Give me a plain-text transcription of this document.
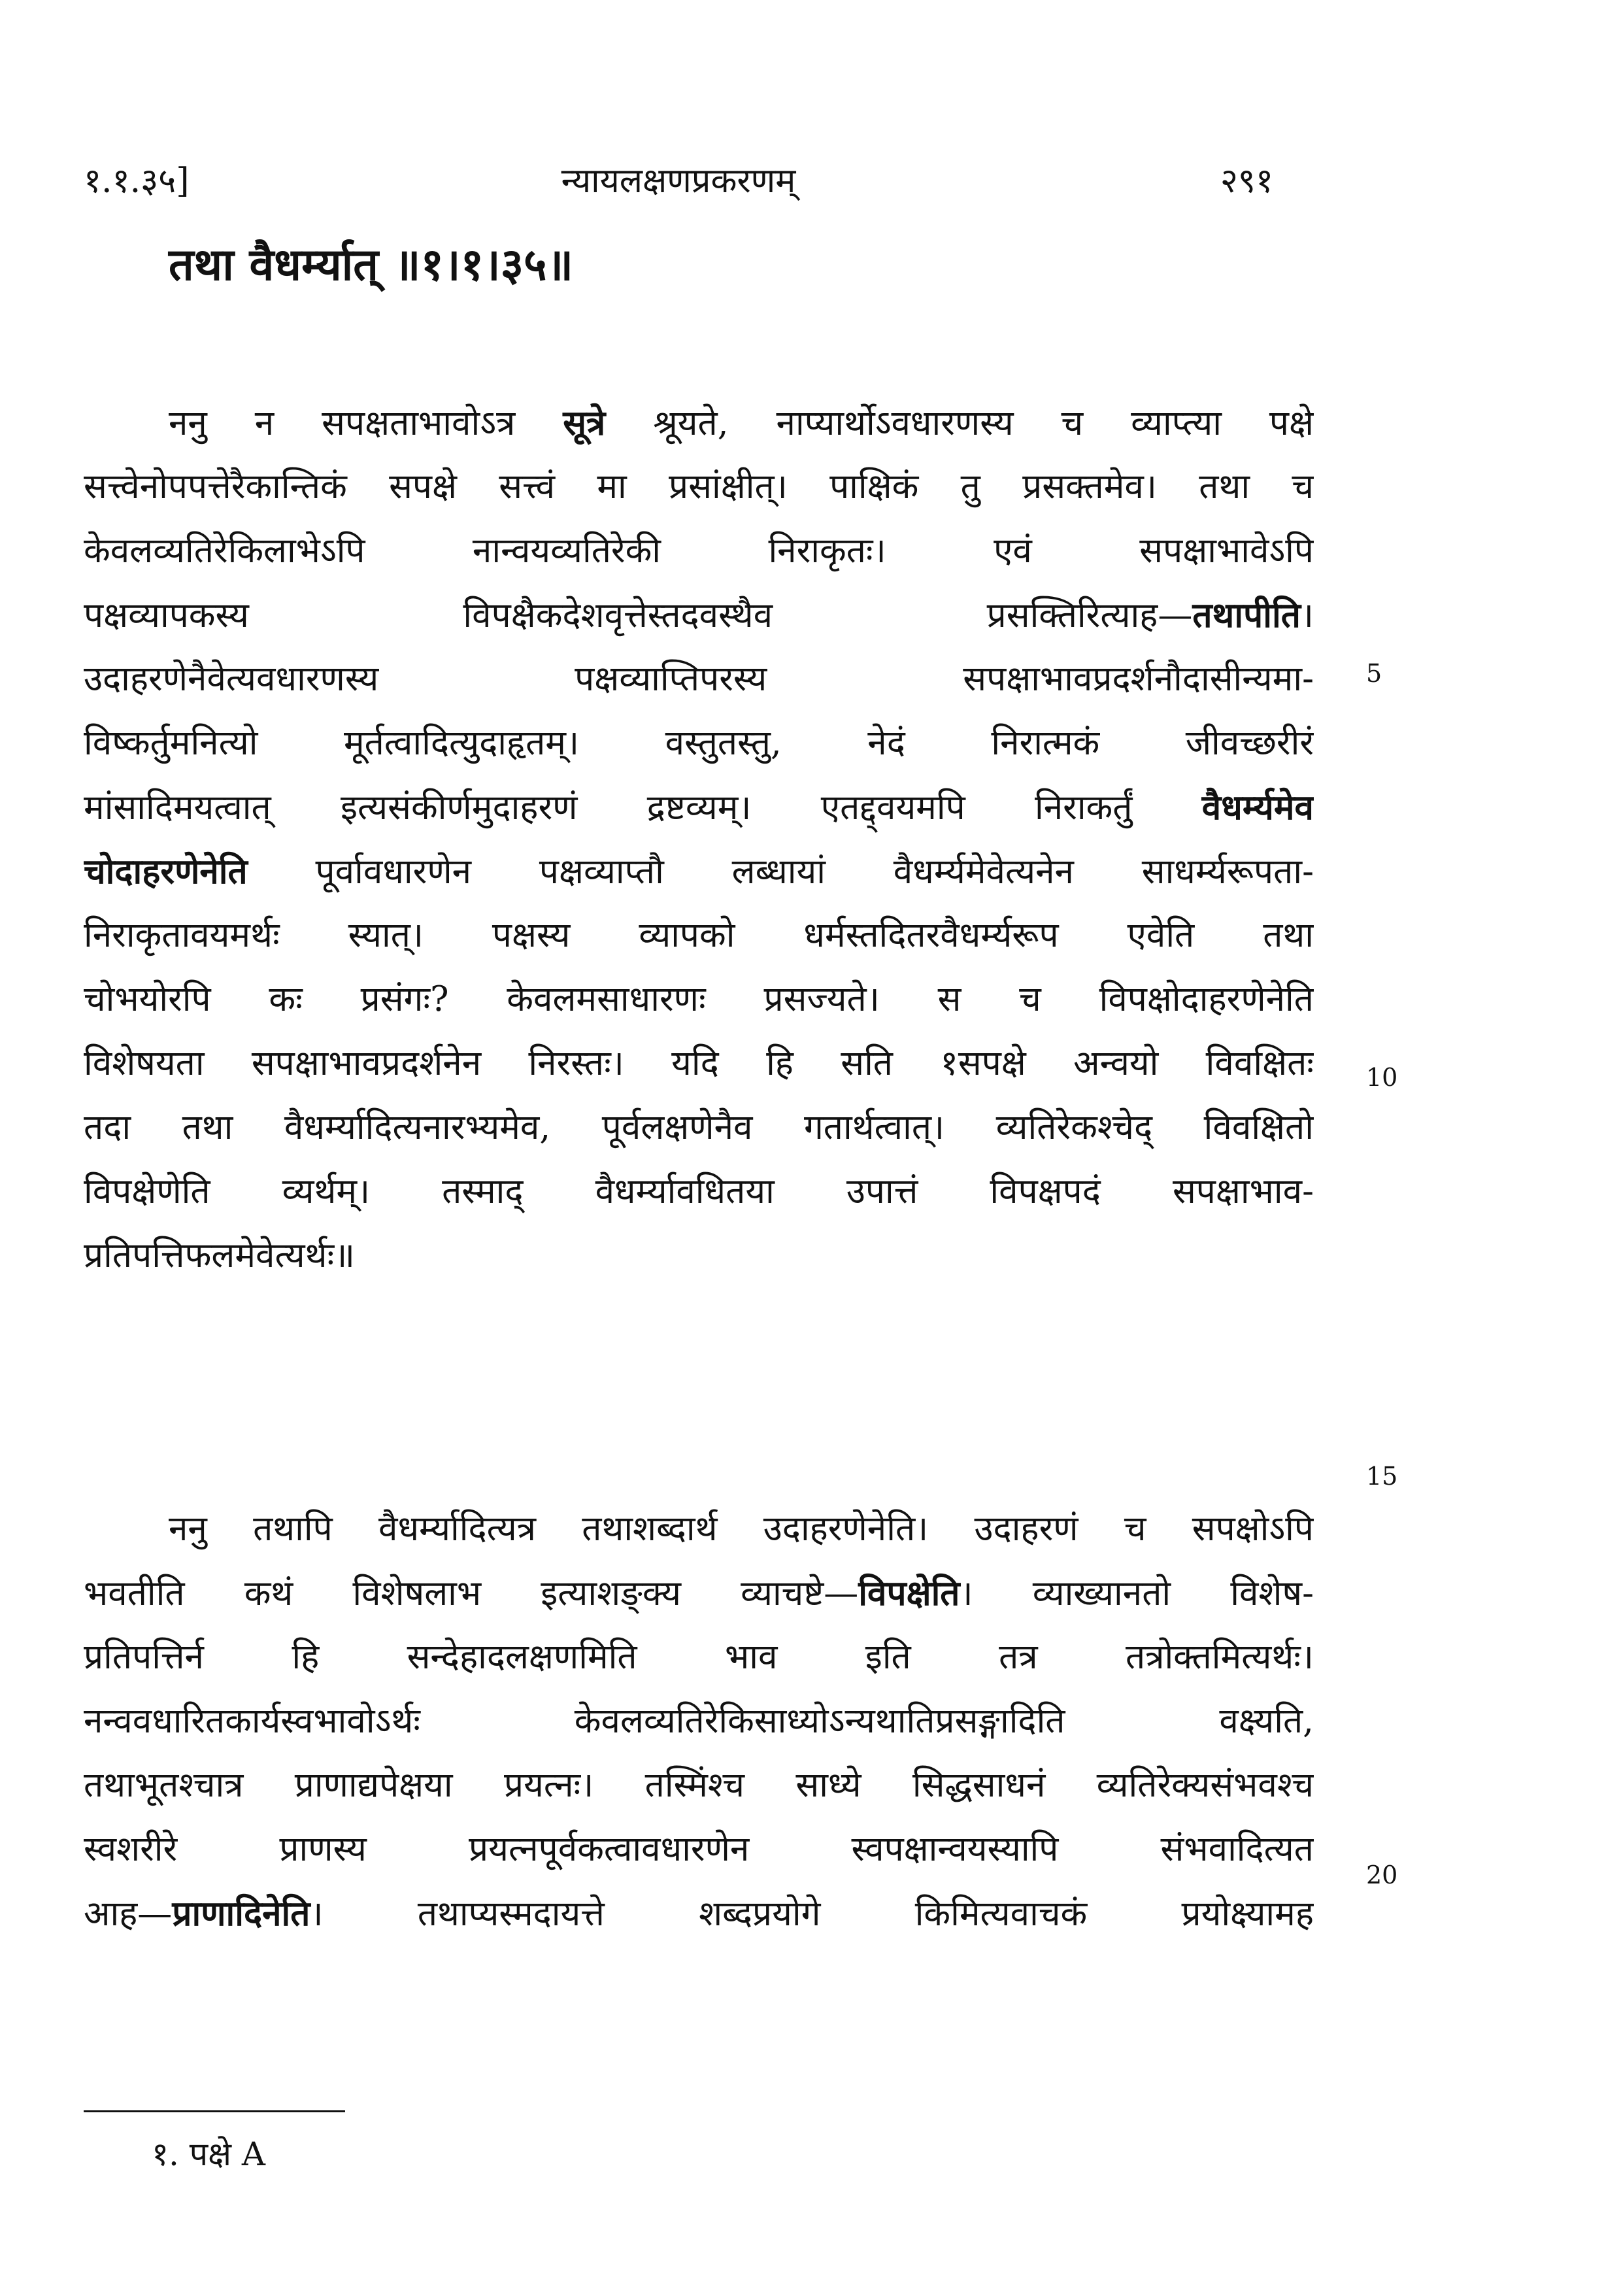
१.१.३५]	न्यायलक्षणप्रकरणम्	२९१
तथा वैधर्म्यात् ॥१।१।३५॥
ननु न सपक्षताभावोऽत्र सूत्रे श्रूयते, नाप्यार्थोऽवधारणस्य च व्याप्त्या पक्षे
सत्त्वेनोपपत्तेरैकान्तिकं सपक्षे सत्त्वं मा प्रसांक्षीत्। पाक्षिकं तु प्रसक्तमेव। तथा च
केवलव्यतिरेकिलाभेऽपि नान्वयव्यतिरेकी निराकृतः। एवं सपक्षाभावेऽपि
पक्षव्यापकस्य विपक्षैकदेशवृत्तेस्तदवस्थैव प्रसक्तिरित्याह—तथापीति।
उदाहरणेनैवेत्यवधारणस्य पक्षव्याप्तिपरस्य सपक्षाभावप्रदर्शनौदासीन्यमा-
विष्कर्तुमनित्यो मूर्तत्वादित्युदाहृतम्। वस्तुतस्तु, नेदं निरात्मकं जीवच्छरीरं
मांसादिमयत्वात् इत्यसंकीर्णमुदाहरणं द्रष्टव्यम्। एतद्द्वयमपि निराकर्तुं वैधर्म्यमेव
चोदाहरणेनेति पूर्वावधारणेन पक्षव्याप्तौ लब्धायां वैधर्म्यमेवेत्यनेन साधर्म्यरूपता-
निराकृतावयमर्थः स्यात्। पक्षस्य व्यापको धर्मस्तदितरवैधर्म्यरूप एवेति तथा
चोभयोरपि कः प्रसंगः? केवलमसाधारणः प्रसज्यते। स च विपक्षोदाहरणेनेति
विशेषयता सपक्षाभावप्रदर्शनेन निरस्तः। यदि हि सति १सपक्षे अन्वयो विवक्षितः
तदा तथा वैधर्म्यादित्यनारभ्यमेव, पूर्वलक्षणेनैव गतार्थत्वात्। व्यतिरेकश्चेद् विवक्षितो
विपक्षेणेति व्यर्थम्। तस्माद् वैधर्म्यावधितया उपात्तं विपक्षपदं सपक्षाभाव-
प्रतिपत्तिफलमेवेत्यर्थः॥
ननु तथापि वैधर्म्यादित्यत्र तथाशब्दार्थ उदाहरणेनेति। उदाहरणं च सपक्षोऽपि
भवतीति कथं विशेषलाभ इत्याशङ्क्य व्याचष्टे—विपक्षेति। व्याख्यानतो विशेष-
प्रतिपत्तिर्न हि सन्देहादलक्षणमिति भाव इति तत्र तत्रोक्तमित्यर्थः।
नन्ववधारितकार्यस्वभावोऽर्थः केवलव्यतिरेकिसाध्योऽन्यथातिप्रसङ्गादिति वक्ष्यति,
तथाभूतश्चात्र प्राणाद्यपेक्षया प्रयत्नः। तस्मिंश्च साध्ये सिद्धसाधनं व्यतिरेक्यसंभवश्च
स्वशरीरे प्राणस्य प्रयत्नपूर्वकत्वावधारणेन स्वपक्षान्वयस्यापि संभवादित्यत
आह—प्राणादिनेति। तथाप्यस्मदायत्ते शब्दप्रयोगे किमित्यवाचकं प्रयोक्ष्यामह
5
10
15
20
१. पक्षे A
